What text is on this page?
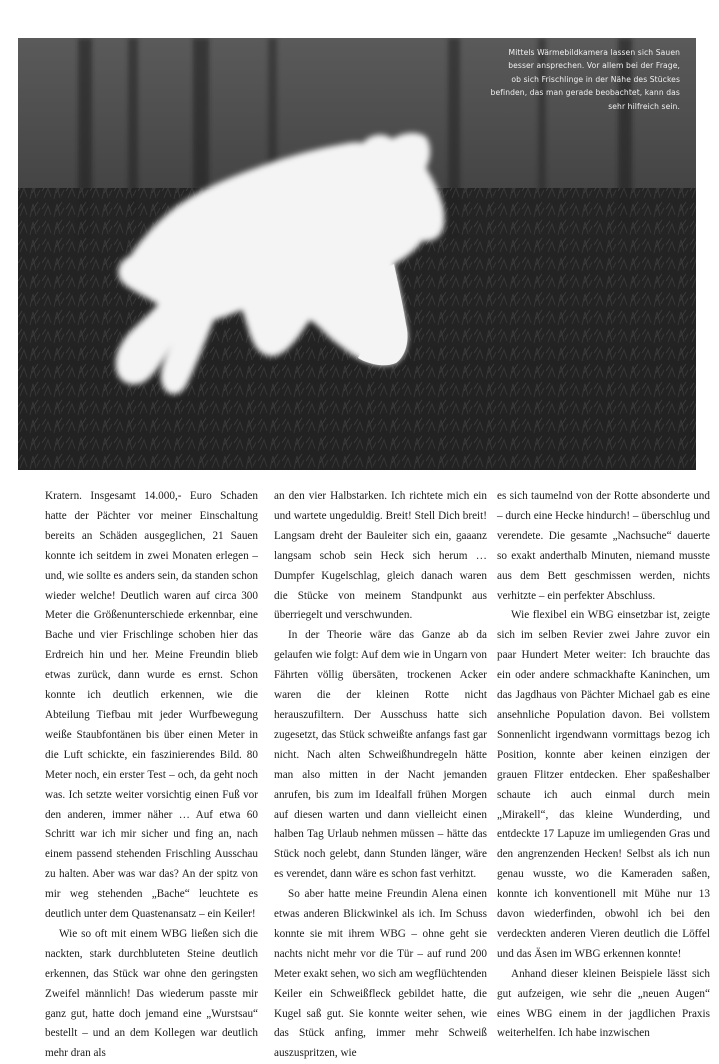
Mittels Wärmebildkamera lassen sich Sauen
besser ansprechen. Vor allem bei der Frage,
ob sich Frischlinge in der Nähe des Stückes
befinden, das man gerade beobachtet, kann das
sehr hilfreich sein.

Kratern. Insgesamt 14.000,- Euro Schaden hatte der Pächter vor meiner Einschaltung bereits an Schäden ausgeglichen, 21 Sauen konnte ich seitdem in zwei Monaten erlegen – und, wie sollte es anders sein, da standen schon wieder welche! Deutlich waren auf circa 300 Meter die Größenunterschiede erkennbar, eine Bache und vier Frischlinge schoben hier das Erdreich hin und her. Meine Freundin blieb etwas zurück, dann wurde es ernst. Schon konnte ich deutlich erkennen, wie die Abteilung Tiefbau mit jeder Wurfbewegung weiße Staubfontänen bis über einen Meter in die Luft schickte, ein faszinierendes Bild. 80 Meter noch, ein erster Test – och, da geht noch was. Ich setzte weiter vorsichtig einen Fuß vor den anderen, immer näher … Auf etwa 60 Schritt war ich mir sicher und fing an, nach einem passend stehenden Frischling Ausschau zu halten. Aber was war das? An der spitz von mir weg stehenden „Bache“ leuchtete es deutlich unter dem Quastenansatz – ein Keiler!

Wie so oft mit einem WBG ließen sich die nackten, stark durchbluteten Steine deutlich erkennen, das Stück war ohne den geringsten Zweifel männlich! Das wiederum passte mir ganz gut, hatte doch jemand eine „Wurstsau“ bestellt – und an dem Kollegen war deutlich mehr dran als

an den vier Halbstarken. Ich richtete mich ein und wartete ungeduldig. Breit! Stell Dich breit! Langsam dreht der Bauleiter sich ein, gaaanz langsam schob sein Heck sich herum … Dumpfer Kugelschlag, gleich danach waren die Stücke von meinem Standpunkt aus überriegelt und verschwunden.

In der Theorie wäre das Ganze ab da gelaufen wie folgt: Auf dem wie in Ungarn von Fährten völlig übersäten, trockenen Acker waren die der kleinen Rotte nicht herauszufiltern. Der Ausschuss hatte sich zugesetzt, das Stück schweißte anfangs fast gar nicht. Nach alten Schweißhundregeln hätte man also mitten in der Nacht jemanden anrufen, bis zum im Idealfall frühen Morgen auf diesen warten und dann vielleicht einen halben Tag Urlaub nehmen müssen – hätte das Stück noch gelebt, dann Stunden länger, wäre es verendet, dann wäre es schon fast verhitzt.

So aber hatte meine Freundin Alena einen etwas anderen Blickwinkel als ich. Im Schuss konnte sie mit ihrem WBG – ohne geht sie nachts nicht mehr vor die Tür – auf rund 200 Meter exakt sehen, wo sich am wegflüchtenden Keiler ein Schweißfleck gebildet hatte, die Kugel saß gut. Sie konnte weiter sehen, wie das Stück anfing, immer mehr Schweiß auszuspritzen, wie

es sich taumelnd von der Rotte absonderte und – durch eine Hecke hindurch! – überschlug und verendete. Die gesamte „Nachsuche“ dauerte so exakt anderthalb Minuten, niemand musste aus dem Bett geschmissen werden, nichts verhitzte – ein perfekter Abschluss.

Wie flexibel ein WBG einsetzbar ist, zeigte sich im selben Revier zwei Jahre zuvor ein paar Hundert Meter weiter: Ich brauchte das ein oder andere schmackhafte Kaninchen, um das Jagdhaus von Pächter Michael gab es eine ansehnliche Population davon. Bei vollstem Sonnenlicht irgendwann vormittags bezog ich Position, konnte aber keinen einzigen der grauen Flitzer entdecken. Eher spaßeshalber schaute ich auch einmal durch mein „Mirakell“, das kleine Wunderding, und entdeckte 17 Lapuze im umliegenden Gras und den angrenzenden Hecken! Selbst als ich nun genau wusste, wo die Kameraden saßen, konnte ich konventionell mit Mühe nur 13 davon wiederfinden, obwohl ich bei den verdeckten anderen Vieren deutlich die Löffel und das Äsen im WBG erkennen konnte!

Anhand dieser kleinen Beispiele lässt sich gut aufzeigen, wie sehr die „neuen Augen“ eines WBG einem in der jagdlichen Praxis weiterhelfen. Ich habe inzwischen
